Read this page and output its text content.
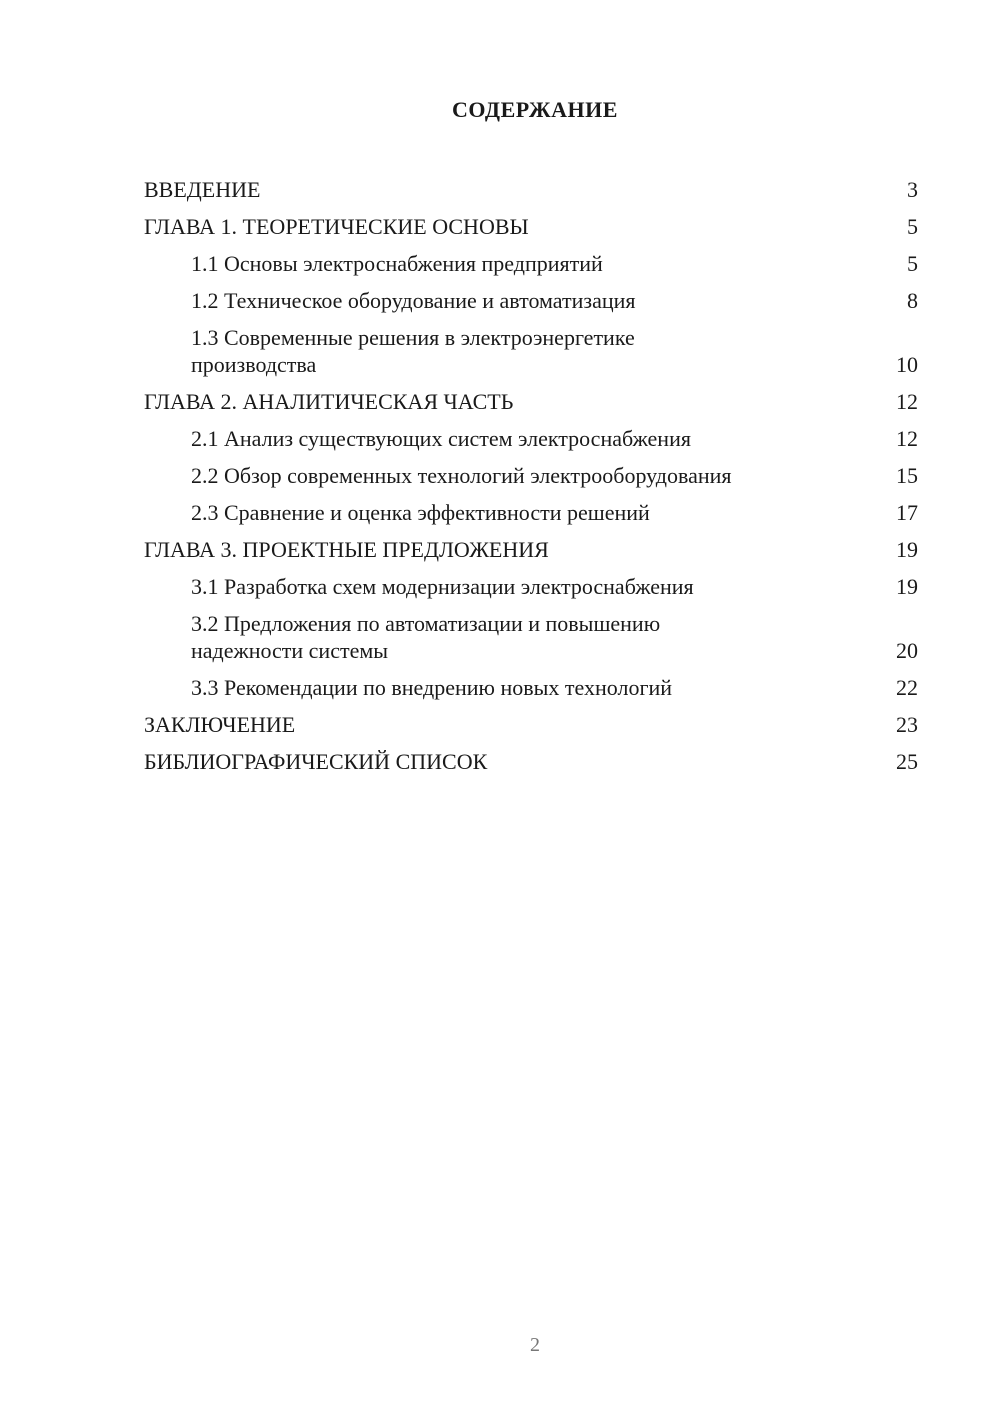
СОДЕРЖАНИЕ
ВВЕДЕНИЕ	3
ГЛАВА 1. ТЕОРЕТИЧЕСКИЕ ОСНОВЫ	5
1.1 Основы электроснабжения предприятий	5
1.2 Техническое оборудование и автоматизация	8
1.3 Современные решения в электроэнергетике производства	10
ГЛАВА 2. АНАЛИТИЧЕСКАЯ ЧАСТЬ	12
2.1 Анализ существующих систем электроснабжения	12
2.2 Обзор современных технологий электрооборудования	15
2.3 Сравнение и оценка эффективности решений	17
ГЛАВА 3. ПРОЕКТНЫЕ ПРЕДЛОЖЕНИЯ	19
3.1 Разработка схем модернизации электроснабжения	19
3.2 Предложения по автоматизации и повышению надежности системы	20
3.3 Рекомендации по внедрению новых технологий	22
ЗАКЛЮЧЕНИЕ	23
БИБЛИОГРАФИЧЕСКИЙ СПИСОК	25
2
